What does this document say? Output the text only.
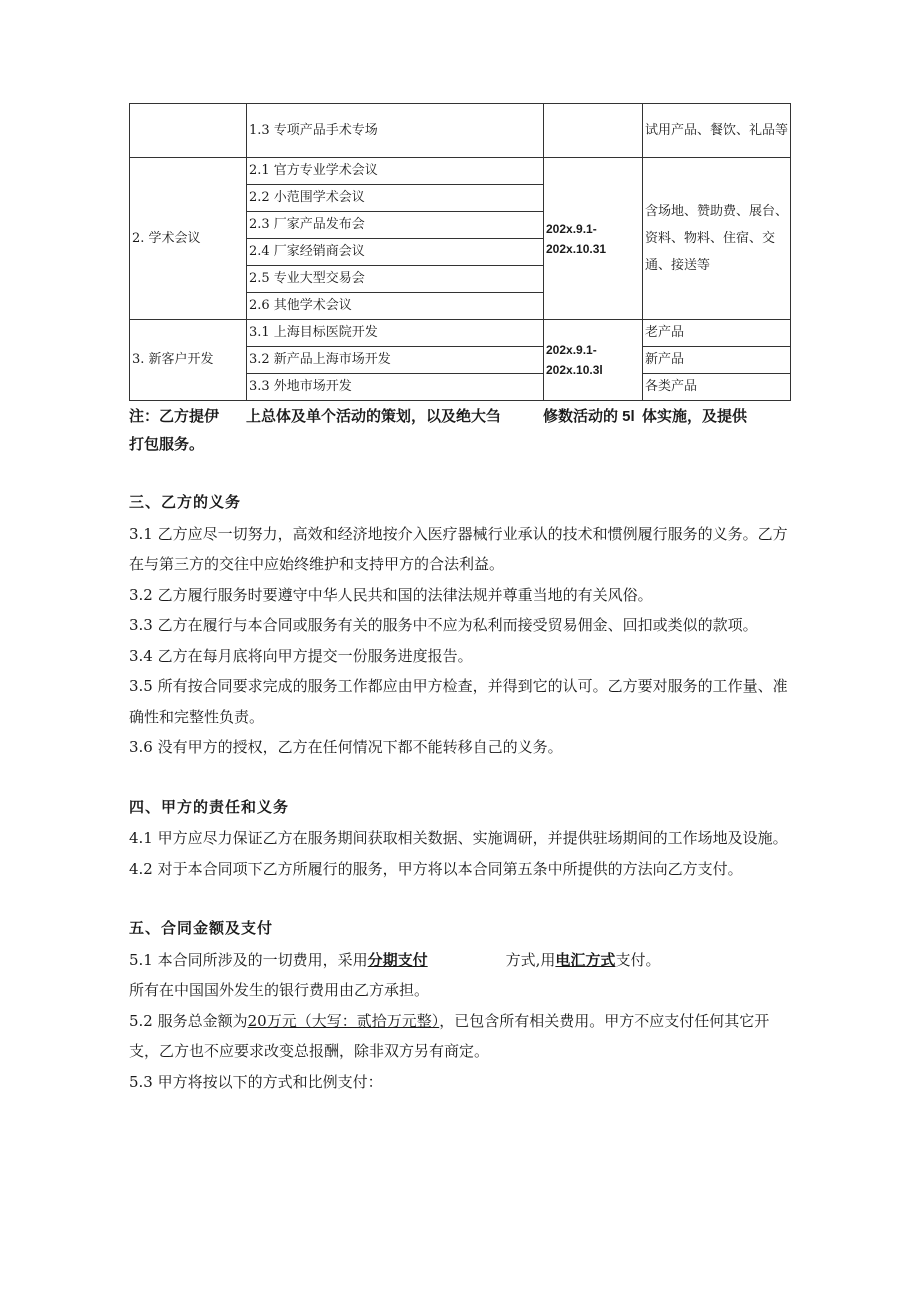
	1.3 专项产品手术专场		试用产品、餐饮、礼品等
2. 学术会议	2.1 官方专业学术会议	202x.9.1-202x.10.31	含场地、赞助费、展台、资料、物料、住宿、交通、接送等
	2.2 小范围学术会议		
	2.3 厂家产品发布会		
	2.4 厂家经销商会议		
	2.5 专业大型交易会		
	2.6 其他学术会议		
3. 新客户开发	3.1 上海目标医院开发	202x.9.1-202x.10.3l	老产品
	3.2 新产品上海市场开发		新产品
	3.3 外地市场开发		各类产品
注：乙方提伊 上总体及单个活动的策划，以及绝大刍	修数活动的 5l 体实施，及提供
打包服务。

三、乙方的义务

3.1 乙方应尽一切努力，高效和经济地按介入医疗器械行业承认的技术和惯例履行服务的义务。乙方在与第三方的交往中应始终维护和支持甲方的合法利益。

3.2 乙方履行服务时要遵守中华人民共和国的法律法规并尊重当地的有关风俗。

3.3 乙方在履行与本合同或服务有关的服务中不应为私利而接受贸易佣金、回扣或类似的款项。

3.4 乙方在每月底将向甲方提交一份服务进度报告。

3.5 所有按合同要求完成的服务工作都应由甲方检查，并得到它的认可。乙方要对服务的工作量、准确性和完整性负责。

3.6 没有甲方的授权，乙方在任何情况下都不能转移自己的义务。

四、甲方的责任和义务

4.1 甲方应尽力保证乙方在服务期间获取相关数据、实施调研，并提供驻场期间的工作场地及设施。

4.2 对于本合同项下乙方所履行的服务，甲方将以本合同第五条中所提供的方法向乙方支付。

五、合同金额及支付

5.1 本合同所涉及的一切费用，采用分期支付	方式,用电汇方式支付。

所有在中国国外发生的银行费用由乙方承担。

5.2 服务总金额为20万元（大写：贰拾万元整），已包含所有相关费用。甲方不应支付任何其它开支，乙方也不应要求改变总报酬，除非双方另有商定。

5.3 甲方将按以下的方式和比例支付：
